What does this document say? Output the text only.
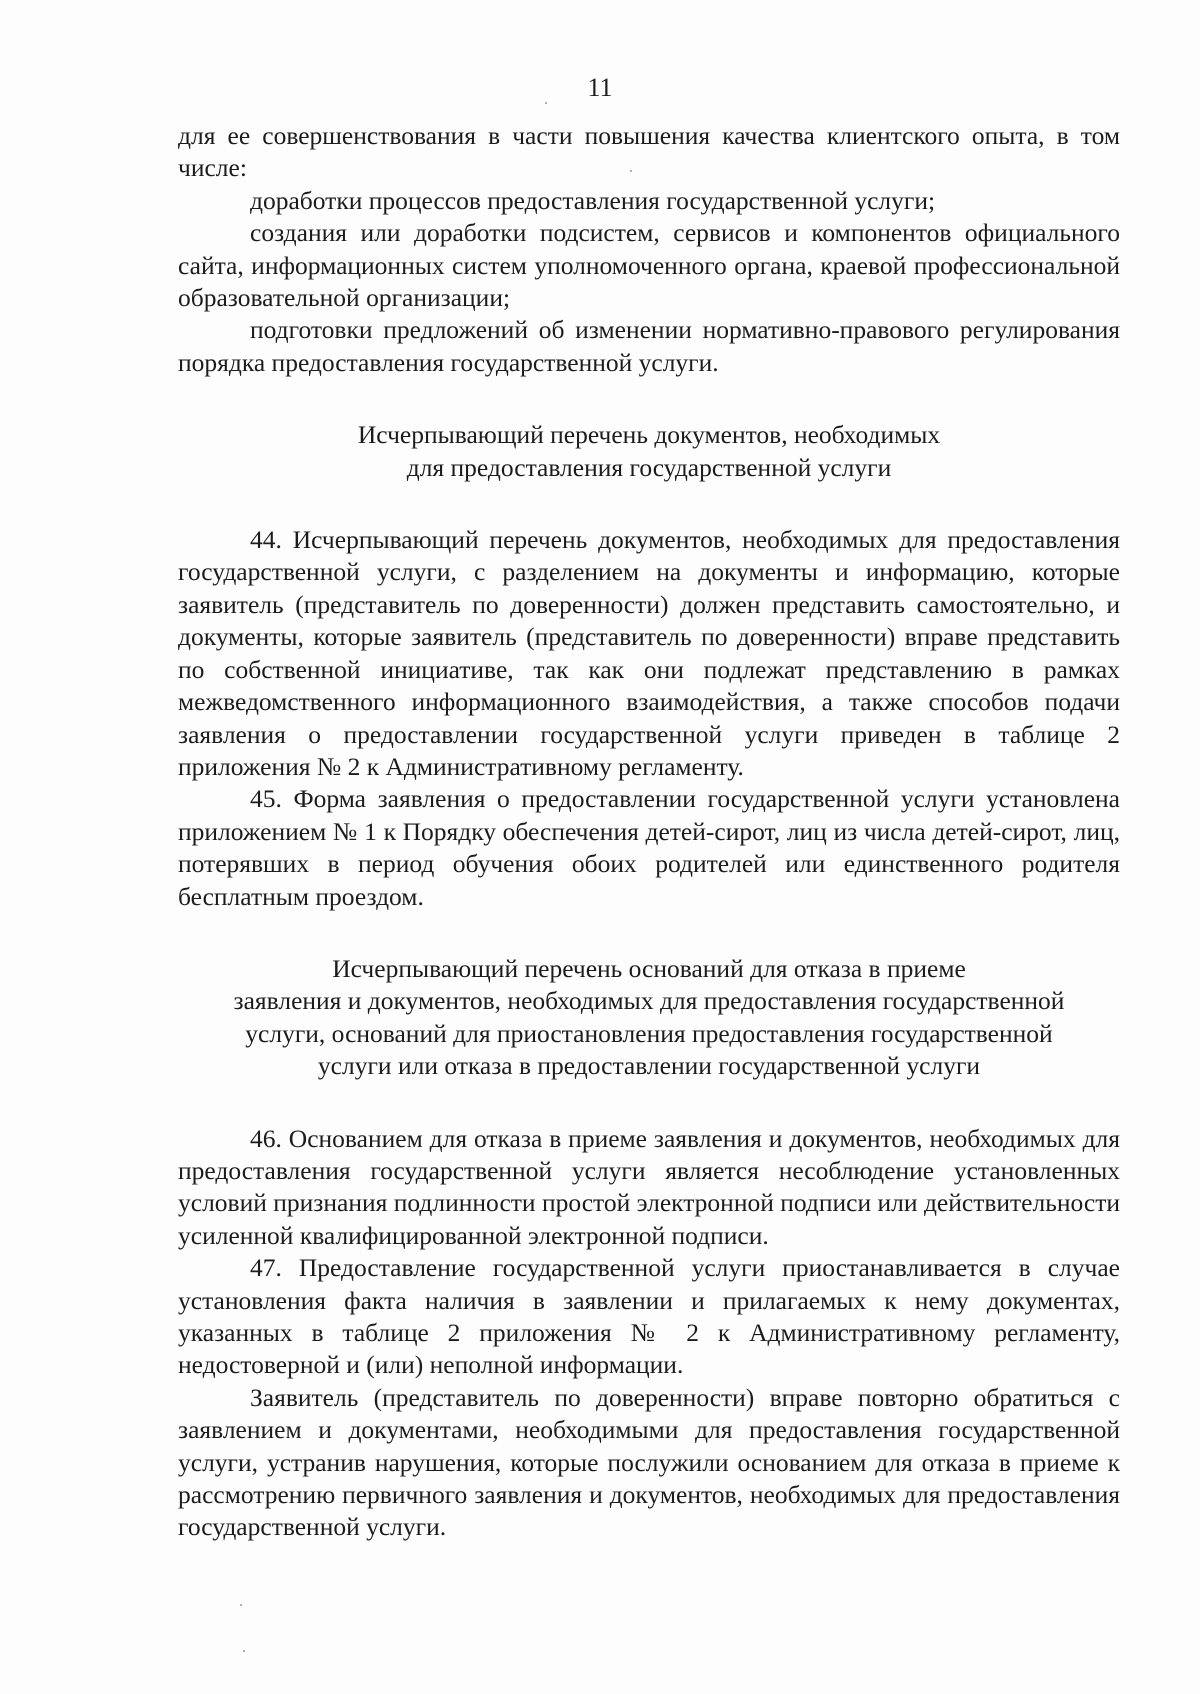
11

для ее совершенствования в части повышения качества клиентского опыта, в том числе:

доработки процессов предоставления государственной услуги;

создания или доработки подсистем, сервисов и компонентов официального сайта, информационных систем уполномоченного органа, краевой профессиональной образовательной организации;

подготовки предложений об изменении нормативно-правового регулирования порядка предоставления государственной услуги.

Исчерпывающий перечень документов, необходимых
для предоставления государственной услуги

44. Исчерпывающий перечень документов, необходимых для предоставления государственной услуги, с разделением на документы и информацию, которые заявитель (представитель по доверенности) должен представить самостоятельно, и документы, которые заявитель (представитель по доверенности) вправе представить по собственной инициативе, так как они подлежат представлению в рамках межведомственного информационного взаимодействия, а также способов подачи заявления о предоставлении государственной услуги приведен в таблице 2 приложения № 2 к Административному регламенту.

45. Форма заявления о предоставлении государственной услуги установлена приложением № 1 к Порядку обеспечения детей-сирот, лиц из числа детей-сирот, лиц, потерявших в период обучения обоих родителей или единственного родителя бесплатным проездом.

Исчерпывающий перечень оснований для отказа в приеме
заявления и документов, необходимых для предоставления государственной
услуги, оснований для приостановления предоставления государственной
услуги или отказа в предоставлении государственной услуги

46. Основанием для отказа в приеме заявления и документов, необходимых для предоставления государственной услуги является несоблюдение установленных условий признания подлинности простой электронной подписи или действительности усиленной квалифицированной электронной подписи.

47. Предоставление государственной услуги приостанавливается в случае установления факта наличия в заявлении и прилагаемых к нему документах, указанных в таблице 2 приложения № 2 к Административному регламенту, недостоверной и (или) неполной информации.

Заявитель (представитель по доверенности) вправе повторно обратиться с заявлением и документами, необходимыми для предоставления государственной услуги, устранив нарушения, которые послужили основанием для отказа в приеме к рассмотрению первичного заявления и документов, необходимых для предоставления государственной услуги.
